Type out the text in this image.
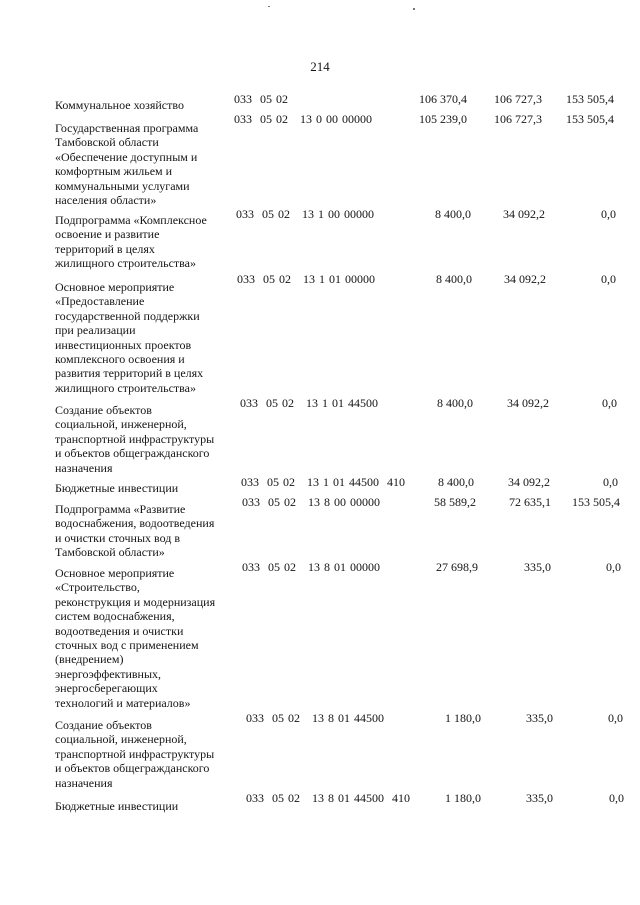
214
Коммунальное хозяйство	033  05 02	106 370,4	106 727,3	153 505,4
Государственная программа
Тамбовской области
«Обеспечение доступным и
комфортным жильем и
коммунальными услугами
населения области»
033  05 02   13 0 00 00000	105 239,0	106 727,3	153 505,4
Подпрограмма «Комплексное
освоение и развитие
территорий в целях
жилищного строительства»
033  05 02   13 1 00 00000	8 400,0	34 092,2	0,0
Основное мероприятие
«Предоставление
государственной поддержки
при реализации
инвестиционных проектов
комплексного освоения и
развития территорий в целях
жилищного строительства»
033  05 02   13 1 01 00000	8 400,0	34 092,2	0,0
Создание объектов
социальной, инженерной,
транспортной инфраструктуры
и объектов общегражданского
назначения
033  05 02   13 1 01 44500	8 400,0	34 092,2	0,0
Бюджетные инвестиции	033  05 02   13 1 01 44500  410	8 400,0	34 092,2	0,0
Подпрограмма «Развитие
водоснабжения, водоотведения
и очистки сточных вод в
Тамбовской области»
033  05 02   13 8 00 00000	58 589,2	72 635,1	153 505,4
Основное мероприятие
«Строительство,
реконструкция и модернизация
систем водоснабжения,
водоотведения и очистки
сточных вод с применением
(внедрением)
энергоэффективных,
энергосберегающих
технологий и материалов»
033  05 02   13 8 01 00000	27 698,9	335,0	0,0
Создание объектов
социальной, инженерной,
транспортной инфраструктуры
и объектов общегражданского
назначения
033  05 02   13 8 01 44500	1 180,0	335,0	0,0
Бюджетные инвестиции
033  05 02   13 8 01 44500  410	1 180,0	335,0	0,0
